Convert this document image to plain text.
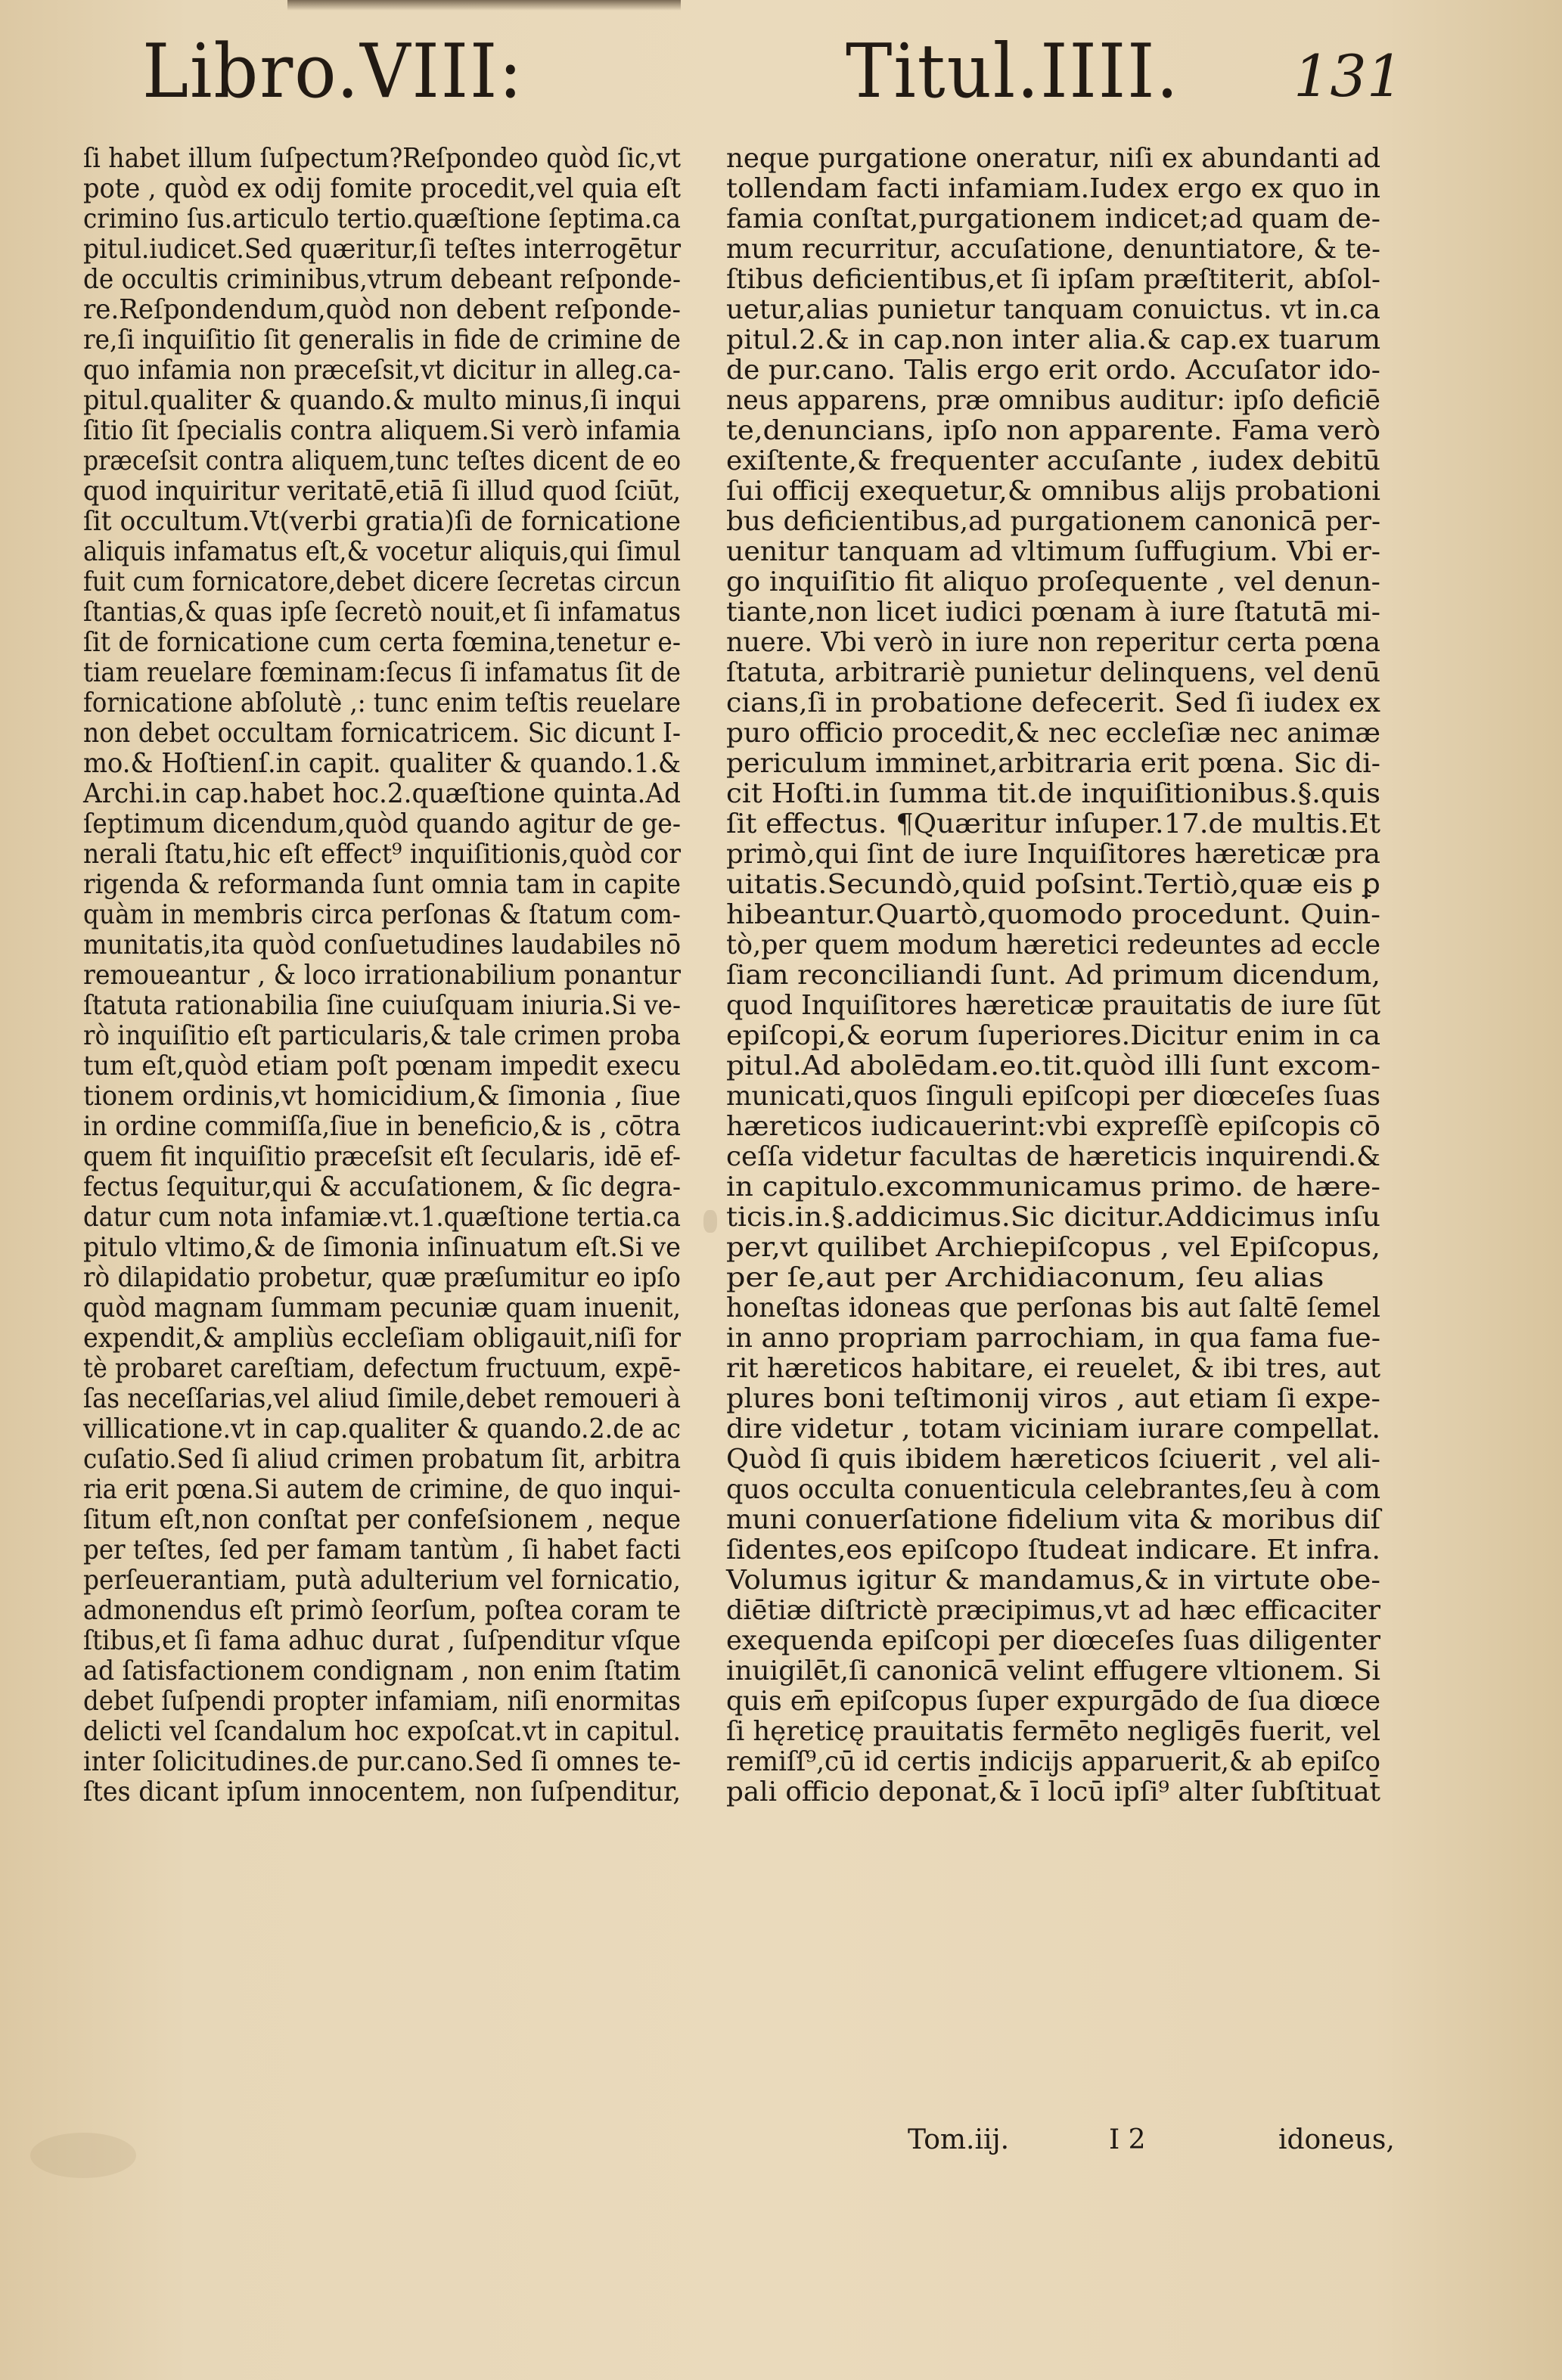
Libro.VIII:	Titul.IIII. 131
ſi habet illum ſuſpectum?Reſpondeo quòd ſic,vt
pote , quòd ex odij fomite procedit,vel quia eſt
crimino ſus.articulo tertio.quæſtione ſeptima.ca
pitul.iudicet.Sed quæritur,ſi teſtes interrogētur
de occultis criminibus,vtrum debeant reſponde-
re.Reſpondendum,quòd non debent reſponde-
re,ſi inquiſitio ſit generalis in fide de crimine de
quo infamia non præceſsit,vt dicitur in alleg.ca-
pitul.qualiter & quando.& multo minus,ſi inqui
ſitio ſit ſpecialis contra aliquem.Si verò infamia
præceſsit contra aliquem,tunc teſtes dicent de eo
quod inquiritur veritatē,etiā ſi illud quod ſciūt,
ſit occultum.Vt(verbi gratia)ſi de fornicatione
aliquis infamatus eſt,& vocetur aliquis,qui ſimul
fuit cum fornicatore,debet dicere ſecretas circun
ſtantias,& quas ipſe ſecretò nouit,et ſi infamatus
ſit de fornicatione cum certa fœmina,tenetur e-
tiam reuelare fœminam:ſecus ſi infamatus ſit de
fornicatione abſolutè ,: tunc enim teſtis reuelare
non debet occultam fornicatricem. Sic dicunt I-
mo.& Hoſtienſ.in capit. qualiter & quando.1.&
Archi.in cap.habet hoc.2.quæſtione quinta.Ad
ſeptimum dicendum,quòd quando agitur de ge-
nerali ſtatu,hic eſt effect⁹ inquiſitionis,quòd cor
rigenda & reformanda ſunt omnia tam in capite
quàm in membris circa perſonas & ſtatum com-
munitatis,ita quòd conſuetudines laudabiles nō
remoueantur , & loco irrationabilium ponantur
ſtatuta rationabilia ſine cuiuſquam iniuria.Si ve-
rò inquiſitio eſt particularis,& tale crimen proba
tum eſt,quòd etiam poſt pœnam impedit execu
tionem ordinis,vt homicidium,& ſimonia , ſiue
in ordine commiſſa,ſiue in beneficio,& is , cōtra
quem fit inquiſitio præceſsit eſt ſecularis, idē ef-
fectus ſequitur,qui & accuſationem, & ſic degra-
datur cum nota infamiæ.vt.1.quæſtione tertia.ca
pitulo vltimo,& de ſimonia inſinuatum eſt.Si ve
rò dilapidatio probetur, quæ præſumitur eo ipſo
quòd magnam ſummam pecuniæ quam inuenit,
expendit,& ampliùs eccleſiam obligauit,niſi for
tè probaret careſtiam, defectum fructuum, expē-
ſas neceſſarias,vel aliud ſimile,debet remoueri à
villicatione.vt in cap.qualiter & quando.2.de ac
cuſatio.Sed ſi aliud crimen probatum ſit, arbitra
ria erit pœna.Si autem de crimine, de quo inqui-
ſitum eſt,non conſtat per confeſsionem , neque
per teſtes, ſed per famam tantùm , ſi habet facti
perſeuerantiam, putà adulterium vel fornicatio,
admonendus eſt primò ſeorſum, poſtea coram te
ſtibus,et ſi fama adhuc durat , ſuſpenditur vſque
ad ſatisfactionem condignam , non enim ſtatim
debet ſuſpendi propter infamiam, niſi enormitas
delicti vel ſcandalum hoc expoſcat.vt in capitul.
inter ſolicitudines.de pur.cano.Sed ſi omnes te-
ſtes dicant ipſum innocentem, non ſuſpenditur,
neque purgatione oneratur, niſi ex abundanti ad
tollendam facti infamiam.Iudex ergo ex quo in
famia conſtat,purgationem indicet;ad quam de-
mum recurritur, accuſatione, denuntiatore, & te-
ſtibus deficientibus,et ſi ipſam præſtiterit, abſol-
uetur,alias punietur tanquam conuictus. vt in.ca
pitul.2.& in cap.non inter alia.& cap.ex tuarum
de pur.cano. Talis ergo erit ordo. Accuſator ido-
neus apparens, præ omnibus auditur: ipſo deficiē
te,denuncians, ipſo non apparente. Fama verò
exiſtente,& frequenter accuſante , iudex debitū
ſui officij exequetur,& omnibus alijs probationi
bus deficientibus,ad purgationem canonicā per-
uenitur tanquam ad vltimum ſuffugium. Vbi er-
go inquiſitio fit aliquo proſequente , vel denun-
tiante,non licet iudici pœnam à iure ſtatutā mi-
nuere. Vbi verò in iure non reperitur certa pœna
ſtatuta, arbitrariè punietur delinquens, vel denū
cians,ſi in probatione defecerit. Sed ſi iudex ex
puro officio procedit,& nec eccleſiæ nec animæ
periculum imminet,arbitraria erit pœna. Sic di-
cit Hoſti.in ſumma tit.de inquiſitionibus.§.quis
ſit effectus. ¶Quæritur inſuper.17.de multis.Et
primò,qui ſint de iure Inquiſitores hæreticæ pra
uitatis.Secundò,quid poſsint.Tertiò,quæ eis ꝑ
hibeantur.Quartò,quomodo procedunt. Quin-
tò,per quem modum hæretici redeuntes ad eccle
ſiam reconciliandi ſunt. Ad primum dicendum,
quod Inquiſitores hæreticæ prauitatis de iure ſūt
epiſcopi,& eorum ſuperiores.Dicitur enim in ca
pitul.Ad abolēdam.eo.tit.quòd illi ſunt excom-
municati,quos ſinguli epiſcopi per diœceſes ſuas
hæreticos iudicauerint:vbi expreſſè epiſcopis cō
ceſſa videtur facultas de hæreticis inquirendi.&
in capitulo.excommunicamus primo. de hære-
ticis.in.§.addicimus.Sic dicitur.Addicimus inſu
per,vt quilibet Archiepiſcopus , vel Epiſcopus,
per ſe,aut per Archidiaconum, ſeu alias
honeſtas idoneas que perſonas bis aut ſaltē ſemel
in anno propriam parrochiam, in qua fama fue-
rit hæreticos habitare, ei reuelet, & ibi tres, aut
plures boni teſtimonij viros , aut etiam ſi expe-
dire videtur , totam viciniam iurare compellat.
Quòd ſi quis ibidem hæreticos ſciuerit , vel ali-
quos occulta conuenticula celebrantes,ſeu à com
muni conuerſatione fidelium vita & moribus diſ
ſidentes,eos epiſcopo ſtudeat indicare. Et infra.
Volumus igitur & mandamus,& in virtute obe-
diētiæ diſtrictè præcipimus,vt ad hæc efficaciter
exequenda epiſcopi per diœceſes ſuas diligenter
inuigilēt,ſi canonicā velint effugere vltionem. Si
quis em̄ epiſcopus ſuper expurgādo de ſua diœce
ſi hęreticę prauitatis fermēto negligēs fuerit, vel
remiſſ⁹,cū id certis indicijs apparuerit,& ab epiſco
pali officio deponat̄,& ī locū ipſi⁹ alter ſubſtituat̄
Tom.iij.	I 2	idoneus,
